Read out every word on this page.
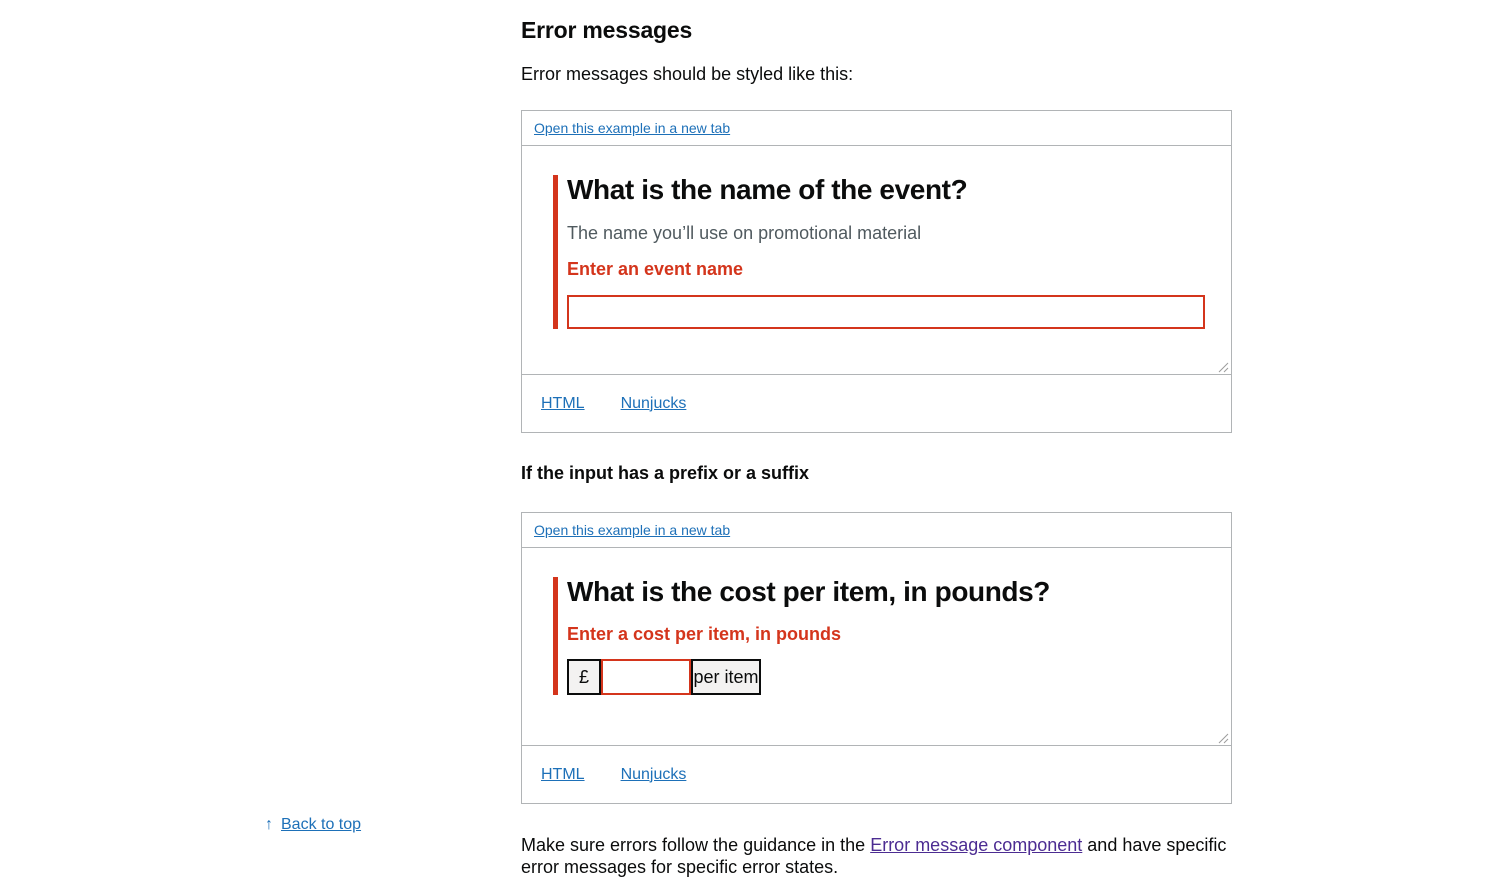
Error messages

Error messages should be styled like this:

Open this example in a new tab
What is the name of the event?

The name you’ll use on promotional material

Enter an event name

HTML Nunjucks
If the input has a prefix or a suffix
Open this example in a new tab
What is the cost per item, in pounds?

Enter a cost per item, in pounds

£	per item
HTML Nunjucks

Make sure errors follow the guidance in the Error message component and have specific
error messages for specific error states.

↑ Back to top
